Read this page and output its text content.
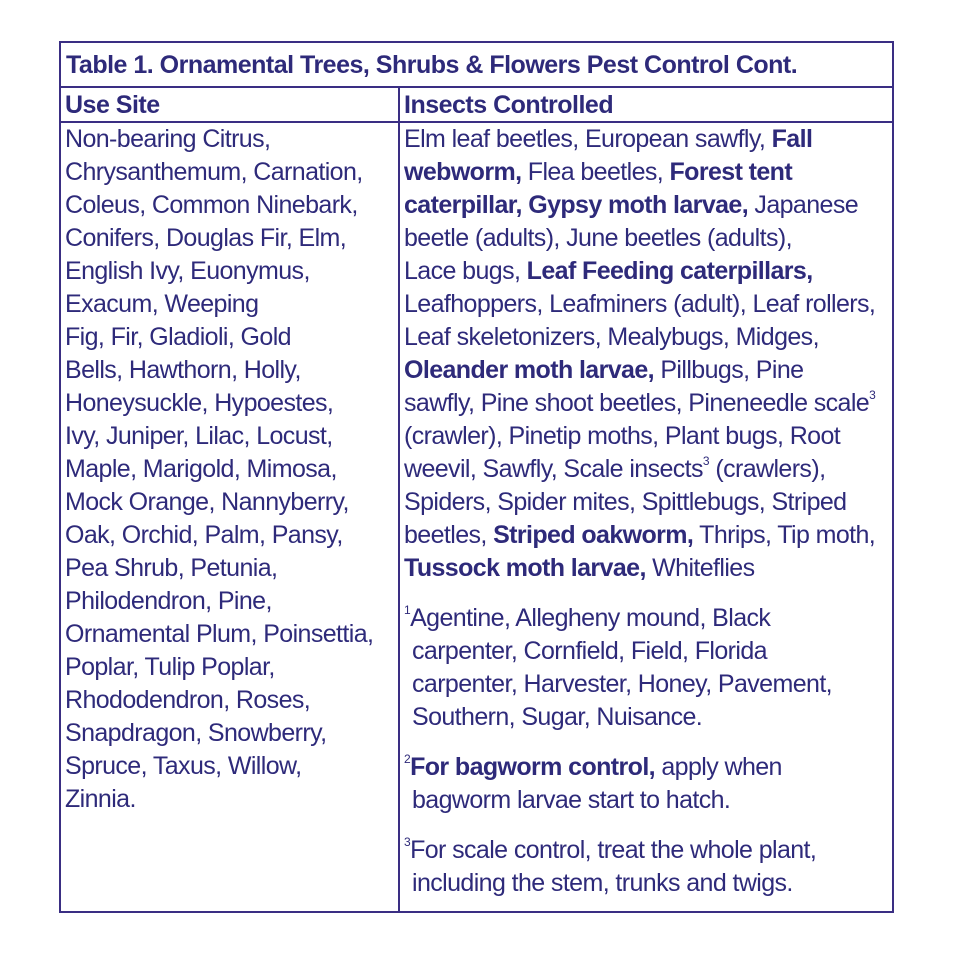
Table 1. Ornamental Trees, Shrubs & Flowers Pest Control Cont.
Use Site	Insects Controlled
Non-bearing Citrus,
Chrysanthemum, Carnation,
Coleus, Common Ninebark,
Conifers, Douglas Fir, Elm,
English Ivy, Euonymus,
Exacum, Weeping
Fig, Fir, Gladioli, Gold
Bells, Hawthorn, Holly,
Honeysuckle, Hypoestes,
Ivy, Juniper, Lilac, Locust,
Maple, Marigold, Mimosa,
Mock Orange, Nannyberry,
Oak, Orchid, Palm, Pansy,
Pea Shrub, Petunia,
Philodendron, Pine,
Ornamental Plum, Poinsettia,
Poplar, Tulip Poplar,
Rhododendron, Roses,
Snapdragon, Snowberry,
Spruce, Taxus, Willow,
Zinnia.
Elm leaf beetles, European sawfly, Fall
webworm, Flea beetles, Forest tent
caterpillar, Gypsy moth larvae, Japanese
beetle (adults), June beetles (adults),
Lace bugs, Leaf Feeding caterpillars,
Leafhoppers, Leafminers (adult), Leaf rollers,
Leaf skeletonizers, Mealybugs, Midges,
Oleander moth larvae, Pillbugs, Pine
sawfly, Pine shoot beetles, Pineneedle scale$^3$
(crawler), Pinetip moths, Plant bugs, Root
weevil, Sawfly, Scale insects$^3$ (crawlers),
Spiders, Spider mites, Spittlebugs, Striped
beetles, Striped oakworm, Thrips, Tip moth,
Tussock moth larvae, Whiteflies
$^1$Agentine, Allegheny mound, Black
carpenter, Cornfield, Field, Florida
carpenter, Harvester, Honey, Pavement,
Southern, Sugar, Nuisance.
$^2$For bagworm control, apply when
bagworm larvae start to hatch.
$^3$For scale control, treat the whole plant,
including the stem, trunks and twigs.
